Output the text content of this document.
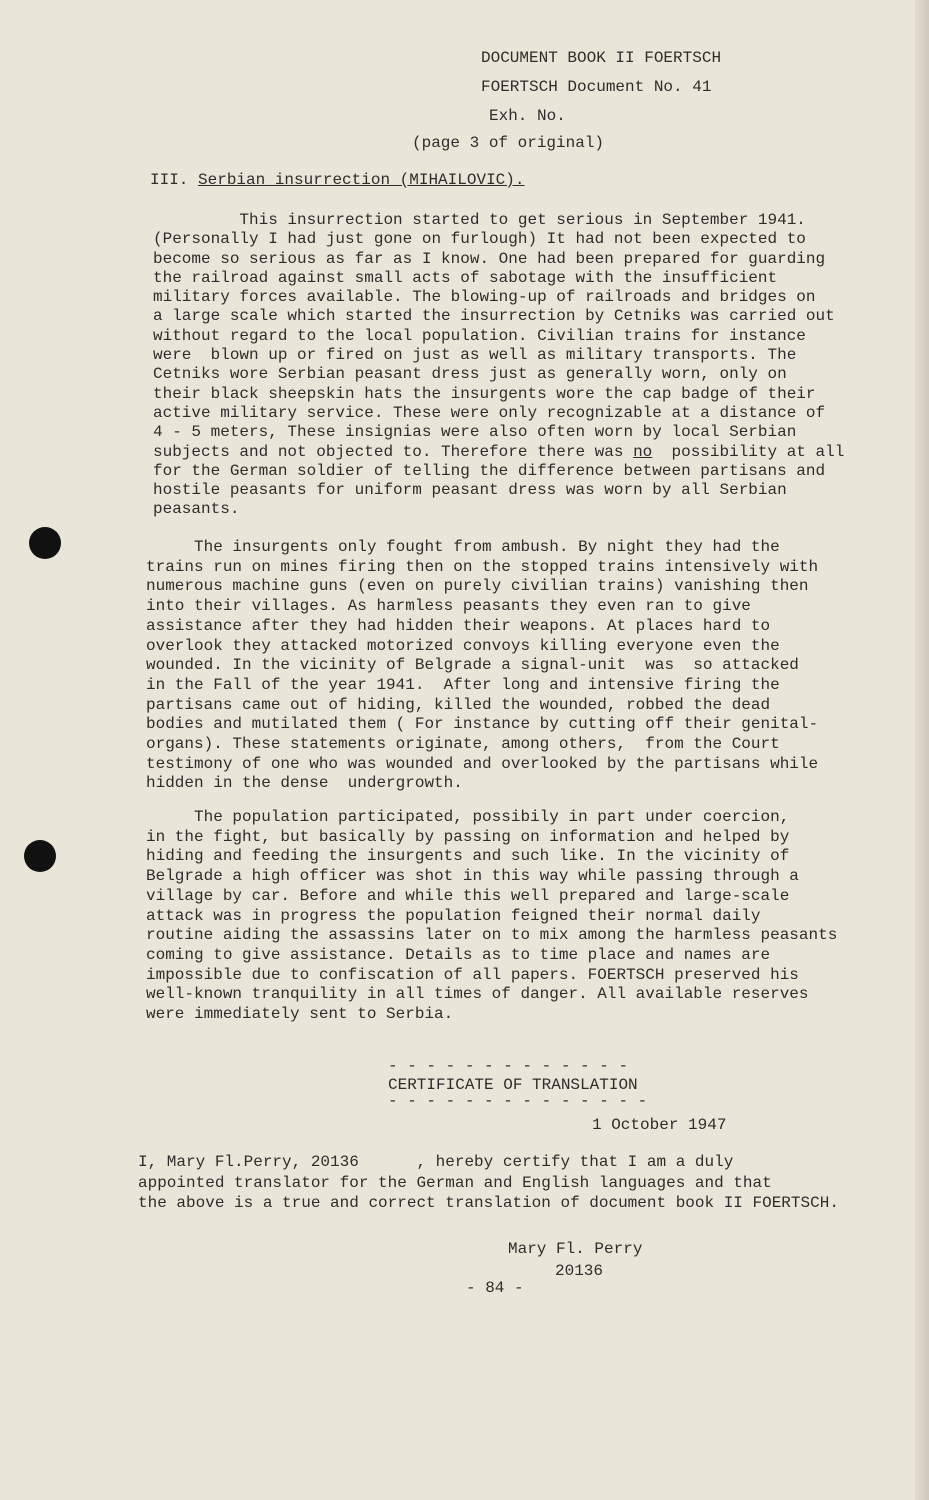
DOCUMENT BOOK II FOERTSCH
FOERTSCH Document No. 41
Exh. No.
(page 3 of original)
III. Serbian insurrection (MIHAILOVIC).
This insurrection started to get serious in September 1941.
(Personally I had just gone on furlough) It had not been expected to
become so serious as far as I know. One had been prepared for guarding
the railroad against small acts of sabotage with the insufficient
military forces available. The blowing-up of railroads and bridges on
a large scale which started the insurrection by Cetniks was carried out
without regard to the local population. Civilian trains for instance
were  blown up or fired on just as well as military transports. The
Cetniks wore Serbian peasant dress just as generally worn, only on
their black sheepskin hats the insurgents wore the cap badge of their
active military service. These were only recognizable at a distance of
4 - 5 meters, These insignias were also often worn by local Serbian
subjects and not objected to. Therefore there was no  possibility at all
for the German soldier of telling the difference between partisans and
hostile peasants for uniform peasant dress was worn by all Serbian
peasants.
The insurgents only fought from ambush. By night they had the
trains run on mines firing then on the stopped trains intensively with
numerous machine guns (even on purely civilian trains) vanishing then
into their villages. As harmless peasants they even ran to give
assistance after they had hidden their weapons. At places hard to
overlook they attacked motorized convoys killing everyone even the
wounded. In the vicinity of Belgrade a signal-unit  was  so attacked
in the Fall of the year 1941.  After long and intensive firing the
partisans came out of hiding, killed the wounded, robbed the dead
bodies and mutilated them ( For instance by cutting off their genital-
organs). These statements originate, among others,  from the Court
testimony of one who was wounded and overlooked by the partisans while
hidden in the dense  undergrowth.
The population participated, possibily in part under coercion,
in the fight, but basically by passing on information and helped by
hiding and feeding the insurgents and such like. In the vicinity of
Belgrade a high officer was shot in this way while passing through a
village by car. Before and while this well prepared and large-scale
attack was in progress the population feigned their normal daily
routine aiding the assassins later on to mix among the harmless peasants
coming to give assistance. Details as to time place and names are
impossible due to confiscation of all papers. FOERTSCH preserved his
well-known tranquility in all times of danger. All available reserves
were immediately sent to Serbia.
- - - - - - - - - - - - -
CERTIFICATE OF TRANSLATION
- - - - - - - - - - - - - -
1 October 1947
I, Mary Fl.Perry, 20136      , hereby certify that I am a duly
appointed translator for the German and English languages and that
the above is a true and correct translation of document book II FOERTSCH.
Mary Fl. Perry
20136
- 84 -
